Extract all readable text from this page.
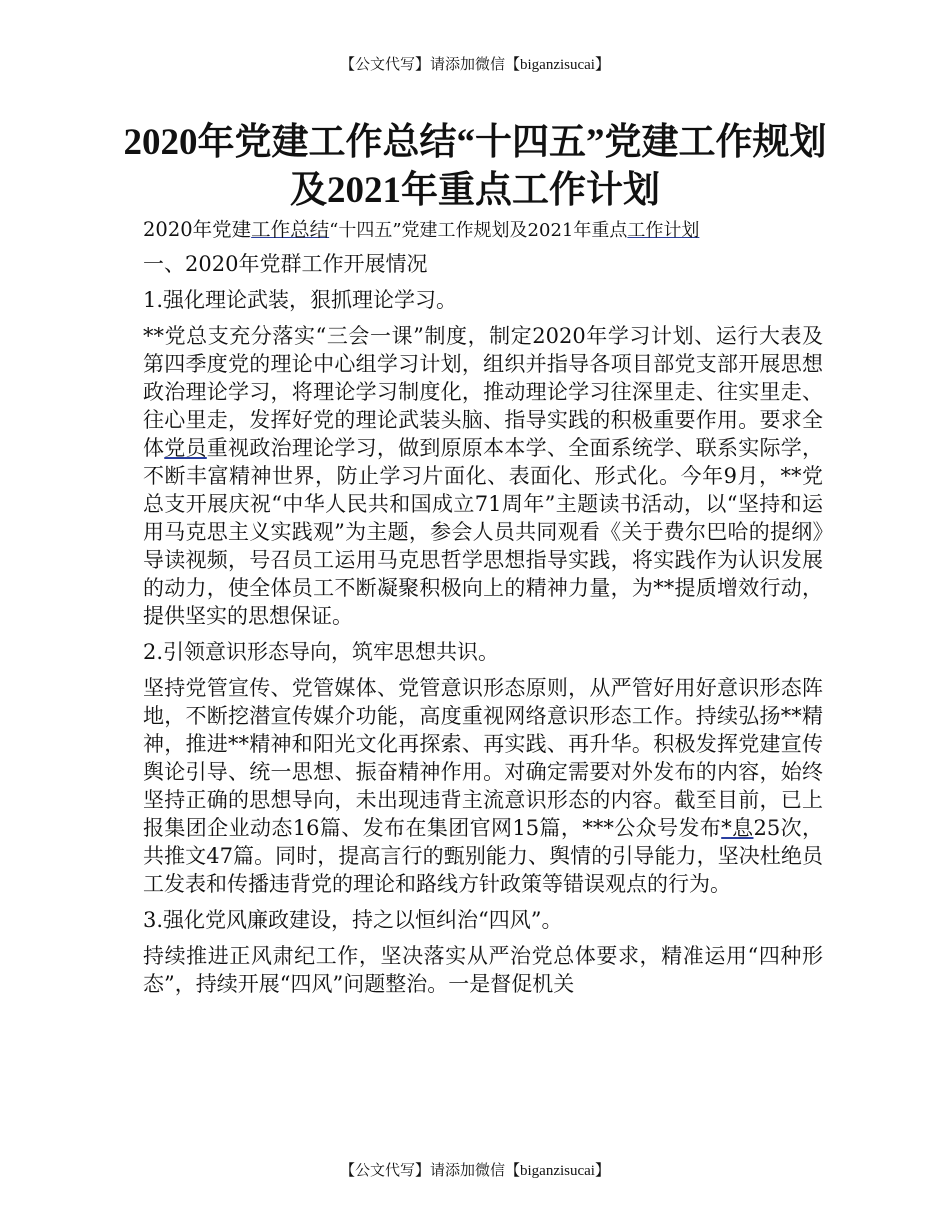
【公文代写】请添加微信【biganzisucai】
2020年党建工作总结“十四五”党建工作规划及2021年重点工作计划
2020年党建工作总结“十四五”党建工作规划及2021年重点工作计划

一、2020年党群工作开展情况

1.强化理论武装，狠抓理论学习。

**党总支充分落实“三会一课”制度，制定2020年学习计划、运行大表及第四季度党的理论中心组学习计划，组织并指导各项目部党支部开展思想政治理论学习，将理论学习制度化，推动理论学习往深里走、往实里走、往心里走，发挥好党的理论武装头脑、指导实践的积极重要作用。要求全体党员重视政治理论学习，做到原原本本学、全面系统学、联系实际学，不断丰富精神世界，防止学习片面化、表面化、形式化。今年9月，**党总支开展庆祝“中华人民共和国成立71周年”主题读书活动，以“坚持和运用马克思主义实践观”为主题，参会人员共同观看《关于费尔巴哈的提纲》导读视频，号召员工运用马克思哲学思想指导实践，将实践作为认识发展的动力，使全体员工不断凝聚积极向上的精神力量，为**提质增效行动，提供坚实的思想保证。

2.引领意识形态导向，筑牢思想共识。

坚持党管宣传、党管媒体、党管意识形态原则，从严管好用好意识形态阵地，不断挖潜宣传媒介功能，高度重视网络意识形态工作。持续弘扬**精神，推进**精神和阳光文化再探索、再实践、再升华。积极发挥党建宣传舆论引导、统一思想、振奋精神作用。对确定需要对外发布的内容，始终坚持正确的思想导向，未出现违背主流意识形态的内容。截至目前，已上报集团企业动态16篇、发布在集团官网15篇，***公众号发布*息25次，共推文47篇。同时，提高言行的甄别能力、舆情的引导能力，坚决杜绝员工发表和传播违背党的理论和路线方针政策等错误观点的行为。

3.强化党风廉政建设，持之以恒纠治“四风”。

持续推进正风肃纪工作，坚决落实从严治党总体要求，精准运用“四种形态”，持续开展“四风”问题整治。一是督促机关

【公文代写】请添加微信【biganzisucai】
